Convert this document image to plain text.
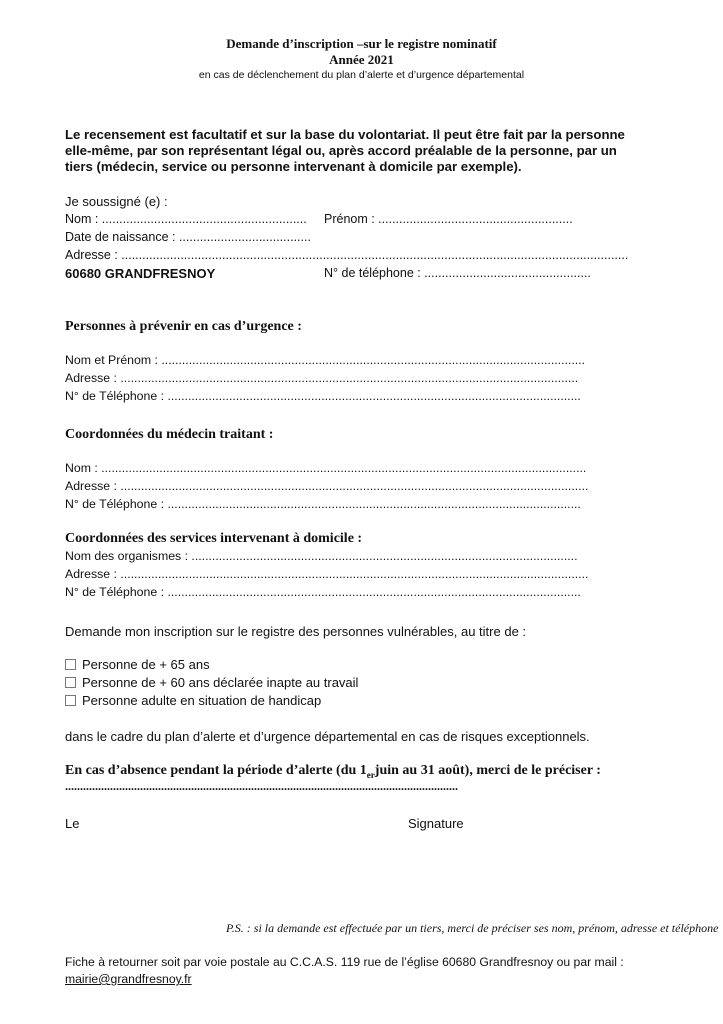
Demande d’inscription –sur le registre nominatif
Année 2021
en cas de déclenchement du plan d’alerte et d’urgence départemental
Le recensement est facultatif et sur la base du volontariat. Il peut être fait par la personne
elle-même, par son représentant légal ou, après accord préalable de la personne, par un
tiers (médecin, service ou personne intervenant à domicile par exemple).
Je soussigné (e) :
Nom : ........................................................... Prénom : ........................................................
Date de naissance : ......................................
Adresse : ..................................................................................................................................................
60680 GRANDFRESNOY	N° de téléphone : ................................................
Personnes à prévenir en cas d’urgence :
Nom et Prénom : ............................................................................................................................
Adresse : ......................................................................................................................................
N° de Téléphone : .........................................................................................................................
Coordonnées du médecin traitant :
Nom : ..............................................................................................................................................
Adresse : .........................................................................................................................................
N° de Téléphone : .........................................................................................................................
Coordonnées des services intervenant à domicile :
Nom des organismes : .................................................................................................................
Adresse : .........................................................................................................................................
N° de Téléphone : .........................................................................................................................
Demande mon inscription sur le registre des personnes vulnérables, au titre de :
Personne de + 65 ans
Personne de + 60 ans déclarée inapte au travail
Personne adulte en situation de handicap
dans le cadre du plan d’alerte et d’urgence départemental en cas de risques exceptionnels.
En cas d’absence pendant la période d’alerte (du $1_{er}juin$ au 31 août), merci de le préciser :
...................................................................................................................................
Le	Signature
P.S. : si la demande est effectuée par un tiers, merci de préciser ses nom, prénom, adresse et téléphone
Fiche à retourner soit par voie postale au C.C.A.S. 119 rue de l’église 60680 Grandfresnoy ou par mail :
mairie@grandfresnoy.fr
